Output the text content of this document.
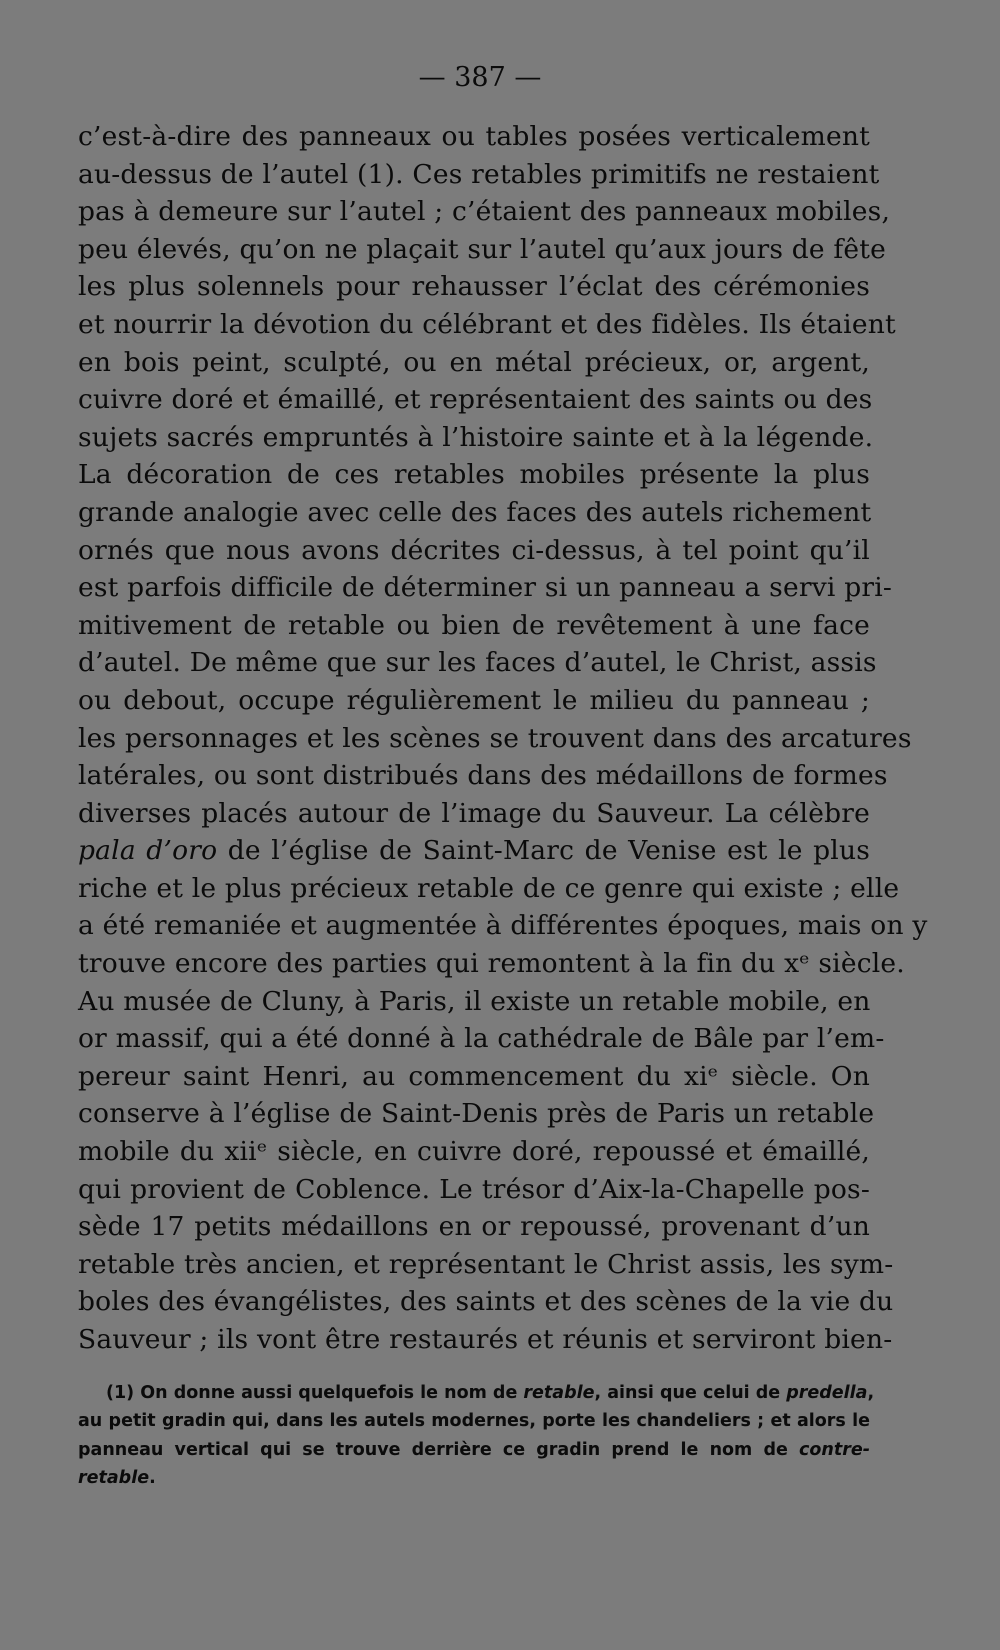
— 387 —
c’est-à-dire des panneaux ou tables posées verticalement
au-dessus de l’autel (1). Ces retables primitifs ne restaient
pas à demeure sur l’autel ; c’étaient des panneaux mobiles,
peu élevés, qu’on ne plaçait sur l’autel qu’aux jours de fête
les plus solennels pour rehausser l’éclat des cérémonies
et nourrir la dévotion du célébrant et des fidèles. Ils étaient
en bois peint, sculpté, ou en métal précieux, or, argent,
cuivre doré et émaillé, et représentaient des saints ou des
sujets sacrés empruntés à l’histoire sainte et à la légende.
La décoration de ces retables mobiles présente la plus
grande analogie avec celle des faces des autels richement
ornés que nous avons décrites ci-dessus, à tel point qu’il
est parfois difficile de déterminer si un panneau a servi pri-
mitivement de retable ou bien de revêtement à une face
d’autel. De même que sur les faces d’autel, le Christ, assis
ou debout, occupe régulièrement le milieu du panneau ;
les personnages et les scènes se trouvent dans des arcatures
latérales, ou sont distribués dans des médaillons de formes
diverses placés autour de l’image du Sauveur. La célèbre
pala d’oro de l’église de Saint-Marc de Venise est le plus
riche et le plus précieux retable de ce genre qui existe ; elle
a été remaniée et augmentée à différentes époques, mais on y
trouve encore des parties qui remontent à la fin du xᵉ siècle.
Au musée de Cluny, à Paris, il existe un retable mobile, en
or massif, qui a été donné à la cathédrale de Bâle par l’em-
pereur saint Henri, au commencement du xiᵉ siècle. On
conserve à l’église de Saint-Denis près de Paris un retable
mobile du xiiᵉ siècle, en cuivre doré, repoussé et émaillé,
qui provient de Coblence. Le trésor d’Aix-la-Chapelle pos-
sède 17 petits médaillons en or repoussé, provenant d’un
retable très ancien, et représentant le Christ assis, les sym-
boles des évangélistes, des saints et des scènes de la vie du
Sauveur ; ils vont être restaurés et réunis et serviront bien-
(1) On donne aussi quelquefois le nom de retable, ainsi que celui de predella,
au petit gradin qui, dans les autels modernes, porte les chandeliers ; et alors le
panneau vertical qui se trouve derrière ce gradin prend le nom de contre-
retable.
